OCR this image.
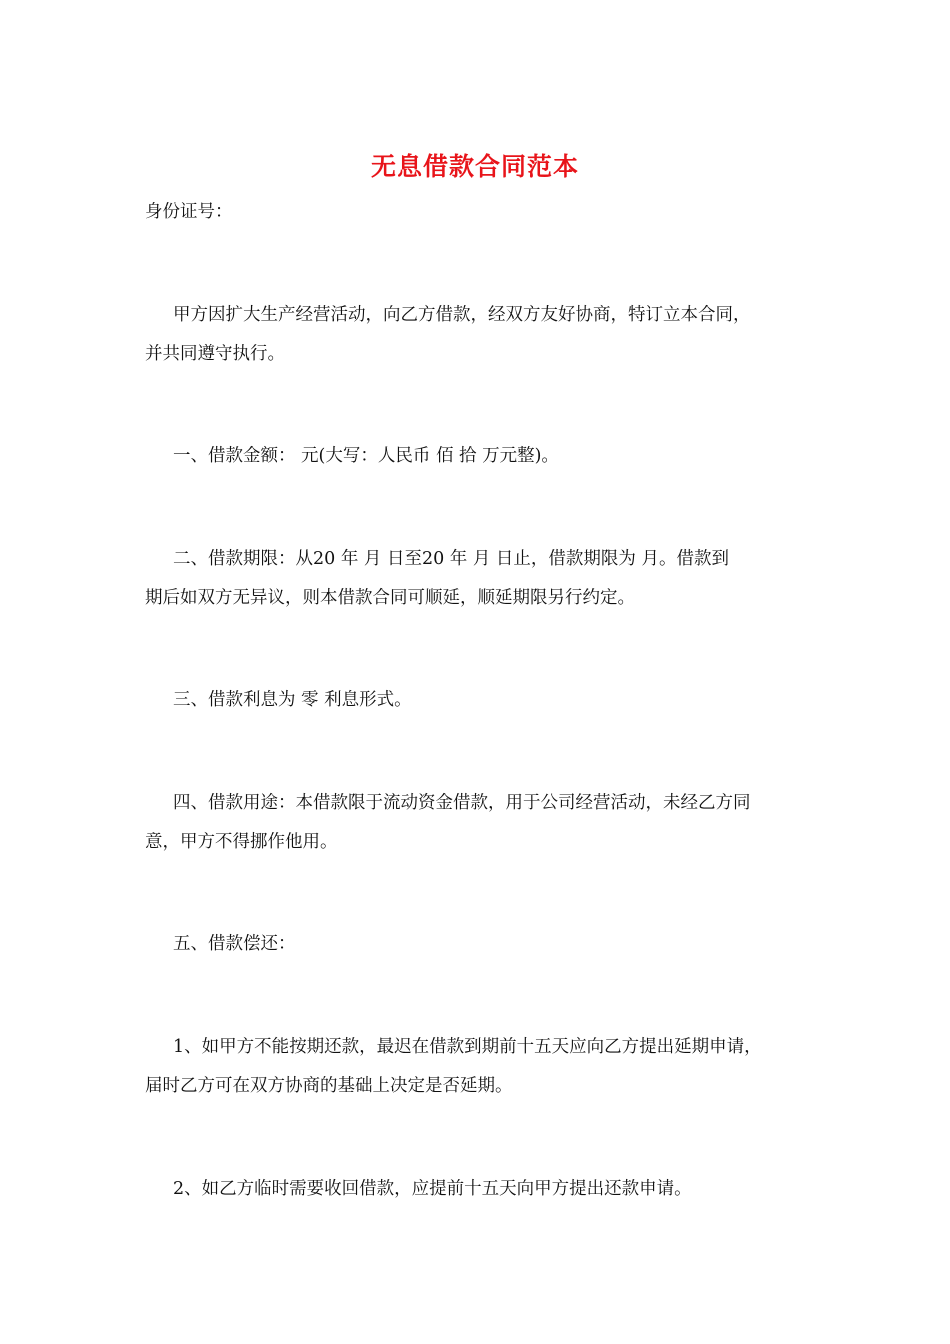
无息借款合同范本
身份证号：
甲方因扩大生产经营活动，向乙方借款，经双方友好协商，特订立本合同，
并共同遵守执行。
一、借款金额： 元(大写：人民币 佰 拾 万元整)。
二、借款期限：从20 年 月 日至20 年 月 日止，借款期限为 月。借款到
期后如双方无异议，则本借款合同可顺延，顺延期限另行约定。
三、借款利息为 零 利息形式。
四、借款用途：本借款限于流动资金借款，用于公司经营活动，未经乙方同
意，甲方不得挪作他用。
五、借款偿还：
1、如甲方不能按期还款，最迟在借款到期前十五天应向乙方提出延期申请，
届时乙方可在双方协商的基础上决定是否延期。
2、如乙方临时需要收回借款，应提前十五天向甲方提出还款申请。
